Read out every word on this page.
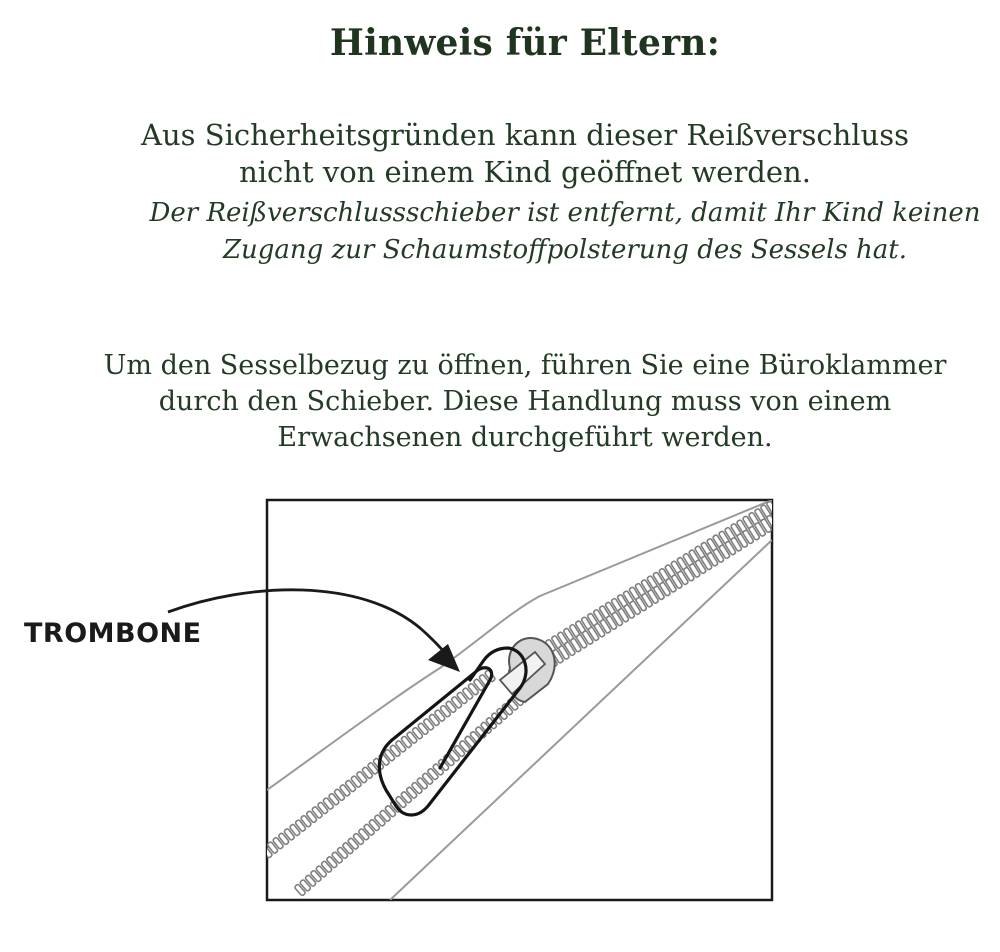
Hinweis für Eltern:
Aus Sicherheitsgründen kann dieser Reißverschluss
nicht von einem Kind geöffnet werden.
Der Reißverschlussschieber ist entfernt, damit Ihr Kind keinen
Zugang zur Schaumstoffpolsterung des Sessels hat.
Um den Sesselbezug zu öffnen, führen Sie eine Büroklammer
durch den Schieber. Diese Handlung muss von einem
Erwachsenen durchgeführt werden.
TROMBONE
